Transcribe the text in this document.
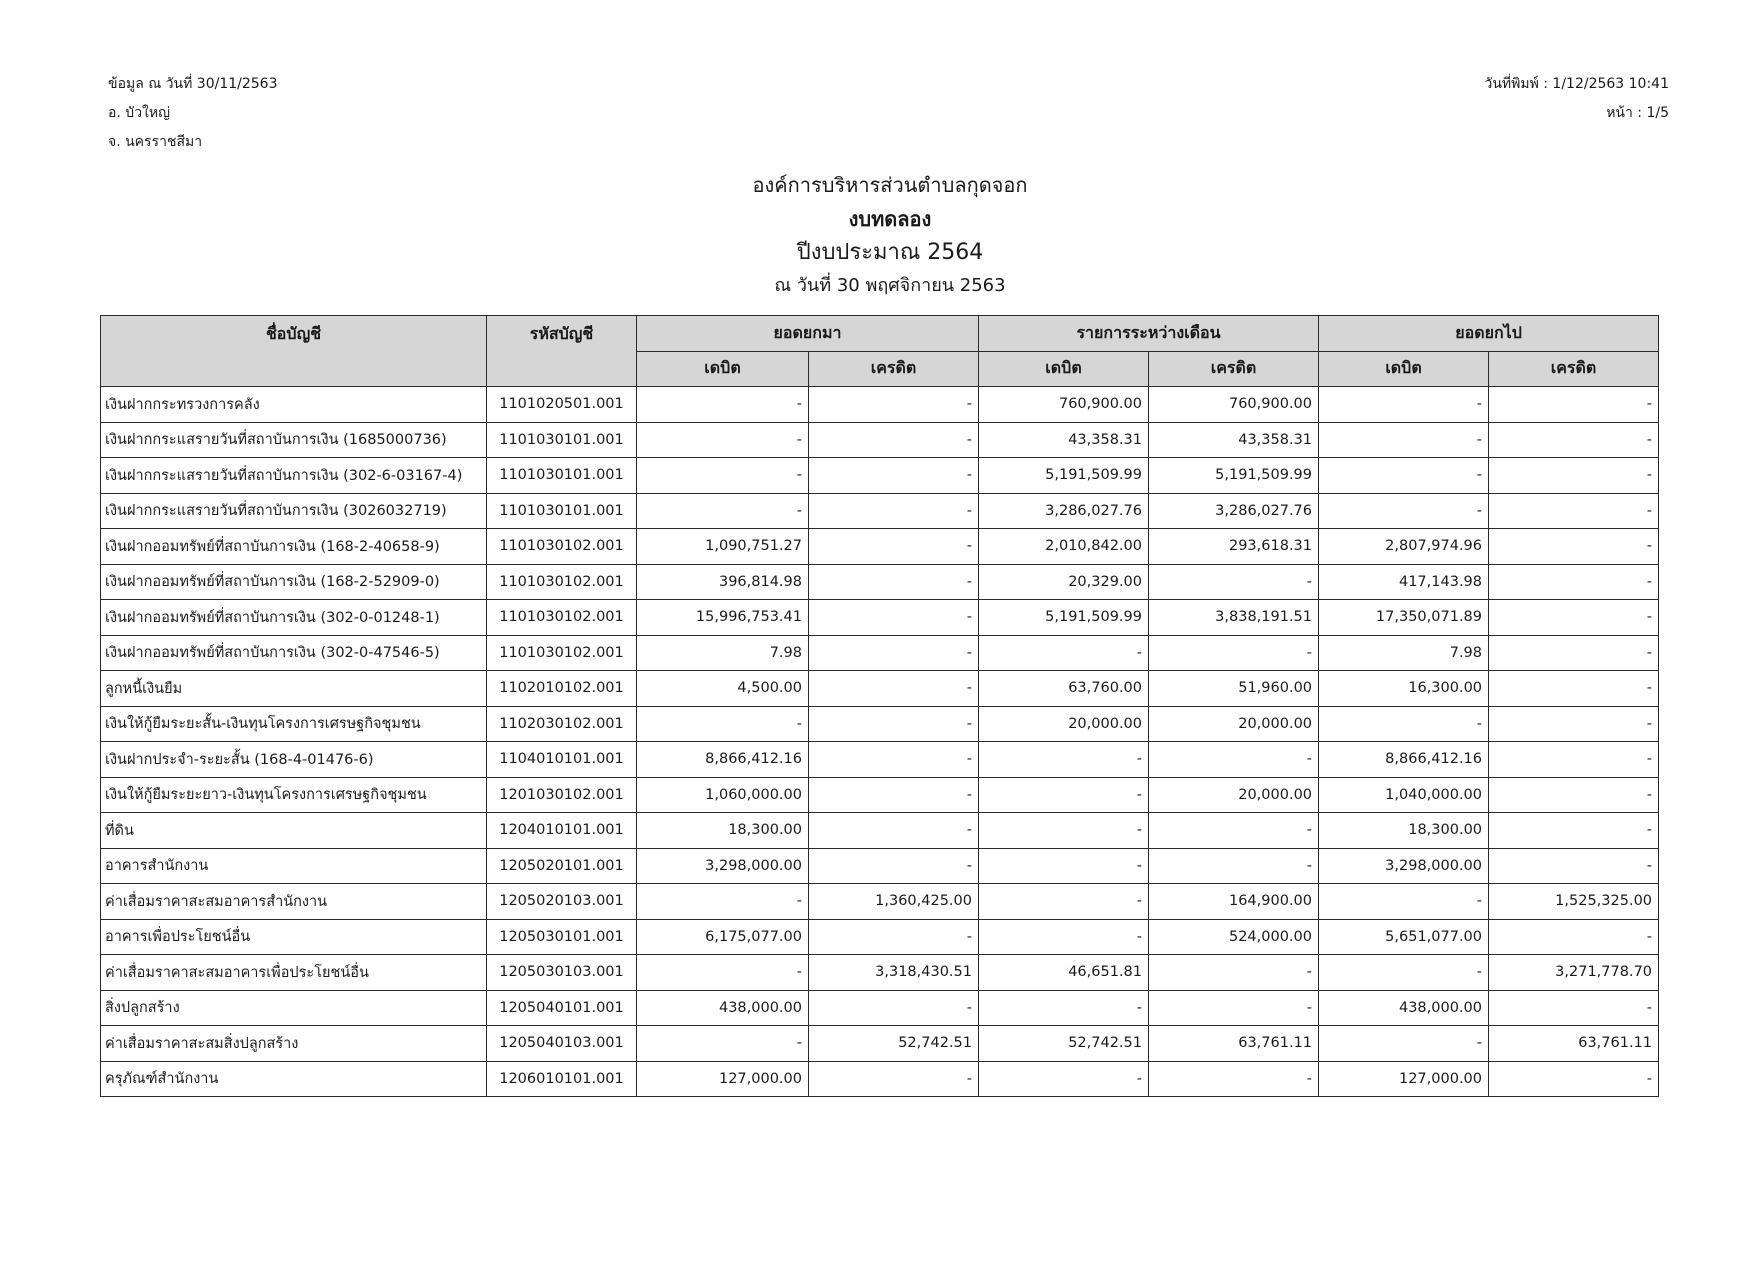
ข้อมูล ณ วันที่ 30/11/2563
อ. บัวใหญ่
จ. นครราชสีมา
วันที่พิมพ์ : 1/12/2563 10:41
หน้า : 1/5
องค์การบริหารส่วนตำบลกุดจอก
งบทดลอง
ปีงบประมาณ 2564
ณ วันที่ 30 พฤศจิกายน 2563
ชื่อบัญชี	รหัสบัญชี	ยอดยกมา		รายการระหว่างเดือน		ยอดยกไป	
		เดบิต	เครดิต	เดบิต	เครดิต	เดบิต	เครดิต
เงินฝากกระทรวงการคลัง	1101020501.001	-	-	760,900.00	760,900.00	-	-
เงินฝากกระแสรายวันที่สถาบันการเงิน (1685000736)	1101030101.001	-	-	43,358.31	43,358.31	-	-
เงินฝากกระแสรายวันที่สถาบันการเงิน (302-6-03167-4)	1101030101.001	-	-	5,191,509.99	5,191,509.99	-	-
เงินฝากกระแสรายวันที่สถาบันการเงิน (3026032719)	1101030101.001	-	-	3,286,027.76	3,286,027.76	-	-
เงินฝากออมทรัพย์ที่สถาบันการเงิน (168-2-40658-9)	1101030102.001	1,090,751.27	-	2,010,842.00	293,618.31	2,807,974.96	-
เงินฝากออมทรัพย์ที่สถาบันการเงิน (168-2-52909-0)	1101030102.001	396,814.98	-	20,329.00	-	417,143.98	-
เงินฝากออมทรัพย์ที่สถาบันการเงิน (302-0-01248-1)	1101030102.001	15,996,753.41	-	5,191,509.99	3,838,191.51	17,350,071.89	-
เงินฝากออมทรัพย์ที่สถาบันการเงิน (302-0-47546-5)	1101030102.001	7.98	-	-	-	7.98	-
ลูกหนี้เงินยืม	1102010102.001	4,500.00	-	63,760.00	51,960.00	16,300.00	-
เงินให้กู้ยืมระยะสั้น-เงินทุนโครงการเศรษฐกิจชุมชน	1102030102.001	-	-	20,000.00	20,000.00	-	-
เงินฝากประจำ-ระยะสั้น (168-4-01476-6)	1104010101.001	8,866,412.16	-	-	-	8,866,412.16	-
เงินให้กู้ยืมระยะยาว-เงินทุนโครงการเศรษฐกิจชุมชน	1201030102.001	1,060,000.00	-	-	20,000.00	1,040,000.00	-
ที่ดิน	1204010101.001	18,300.00	-	-	-	18,300.00	-
อาคารสำนักงาน	1205020101.001	3,298,000.00	-	-	-	3,298,000.00	-
ค่าเสื่อมราคาสะสมอาคารสำนักงาน	1205020103.001	-	1,360,425.00	-	164,900.00	-	1,525,325.00
อาคารเพื่อประโยชน์อื่น	1205030101.001	6,175,077.00	-	-	524,000.00	5,651,077.00	-
ค่าเสื่อมราคาสะสมอาคารเพื่อประโยชน์อื่น	1205030103.001	-	3,318,430.51	46,651.81	-	-	3,271,778.70
สิ่งปลูกสร้าง	1205040101.001	438,000.00	-	-	-	438,000.00	-
ค่าเสื่อมราคาสะสมสิ่งปลูกสร้าง	1205040103.001	-	52,742.51	52,742.51	63,761.11	-	63,761.11
ครุภัณฑ์สำนักงาน	1206010101.001	127,000.00	-	-	-	127,000.00	-
